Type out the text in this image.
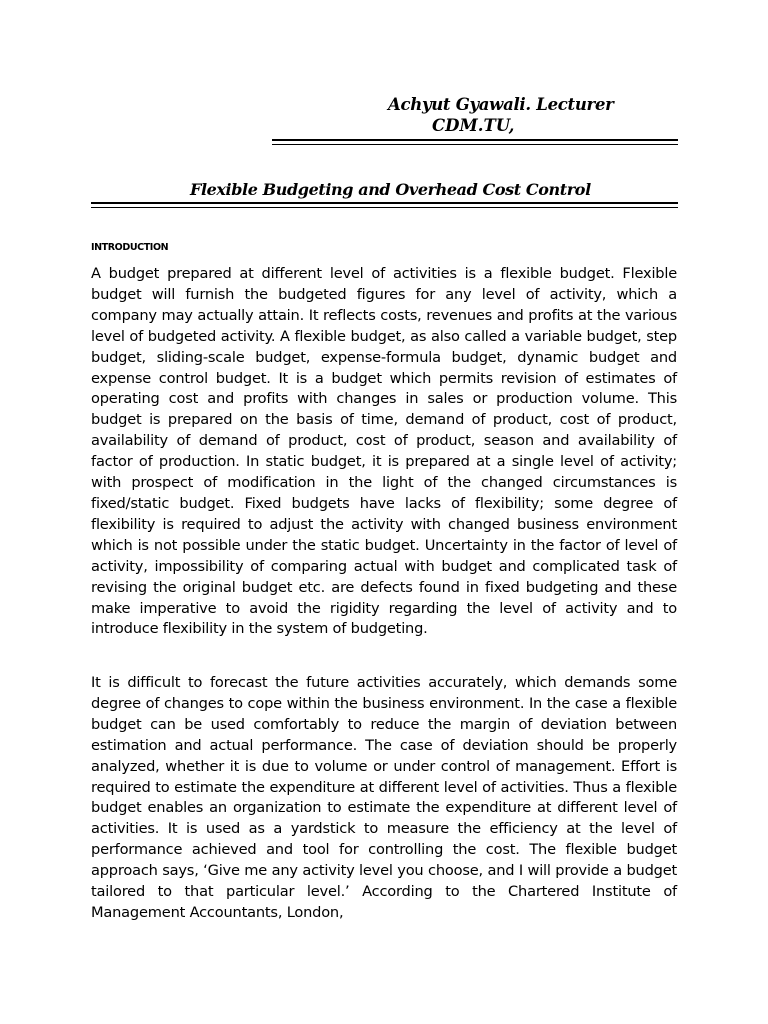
Achyut Gyawali. Lecturer
CDM.TU,
Flexible Budgeting and Overhead Cost Control
INTRODUCTION

A budget prepared at different level of activities is a flexible budget. Flexible budget will furnish the budgeted figures for any level of activity, which a company may actually attain. It reflects costs, revenues and profits at the various level of budgeted activity. A flexible budget, as also called a variable budget, step budget, sliding-scale budget, expense-formula budget, dynamic budget and expense control budget. It is a budget which permits revision of estimates of operating cost and profits with changes in sales or production volume. This budget is prepared on the basis of time, demand of product, cost of product, availability of demand of product, cost of product, season and availability of factor of production. In static budget, it is prepared at a single level of activity; with prospect of modification in the light of the changed circumstances is fixed/static budget. Fixed budgets have lacks of flexibility; some degree of flexibility is required to adjust the activity with changed business environment which is not possible under the static budget. Uncertainty in the factor of level of activity, impossibility of comparing actual with budget and complicated task of revising the original budget etc. are defects found in fixed budgeting and these make imperative to avoid the rigidity regarding the level of activity and to introduce flexibility in the system of budgeting.

It is difficult to forecast the future activities accurately, which demands some degree of changes to cope within the business environment. In the case a flexible budget can be used comfortably to reduce the margin of deviation between estimation and actual performance. The case of deviation should be properly analyzed, whether it is due to volume or under control of management. Effort is required to estimate the expenditure at different level of activities. Thus a flexible budget enables an organization to estimate the expenditure at different level of activities. It is used as a yardstick to measure the efficiency at the level of performance achieved and tool for controlling the cost. The flexible budget approach says, ‘Give me any activity level you choose, and I will provide a budget tailored to that particular level.’ According to the Chartered Institute of Management Accountants, London,
